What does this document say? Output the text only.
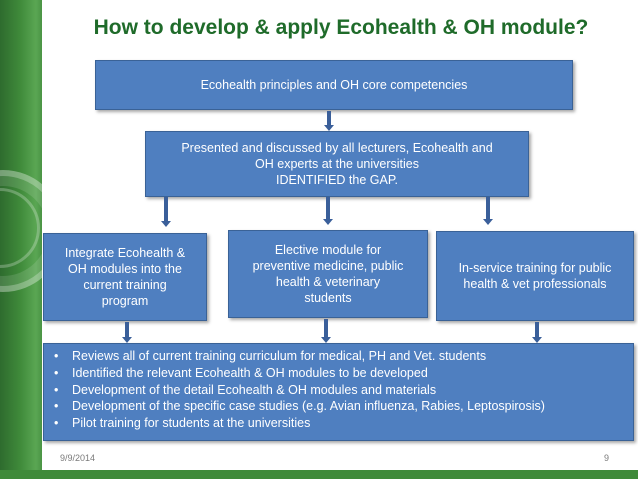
How to develop & apply Ecohealth & OH module?
Ecohealth principles and OH core competencies
Presented and discussed by all lecturers, Ecohealth and
OH experts at the universities
IDENTIFIED the GAP.
Integrate Ecohealth &
OH modules into the
current training
program
Elective module for
preventive medicine, public
health & veterinary
students
In-service training for public
health & vet professionals
• Reviews all of current training curriculum for medical, PH and Vet. students
• Identified the relevant Ecohealth & OH modules to be developed
• Development of the detail Ecohealth & OH modules and materials
• Development of the specific case studies (e.g. Avian influenza, Rabies, Leptospirosis)
• Pilot training for students at the universities
9/9/2014	9
